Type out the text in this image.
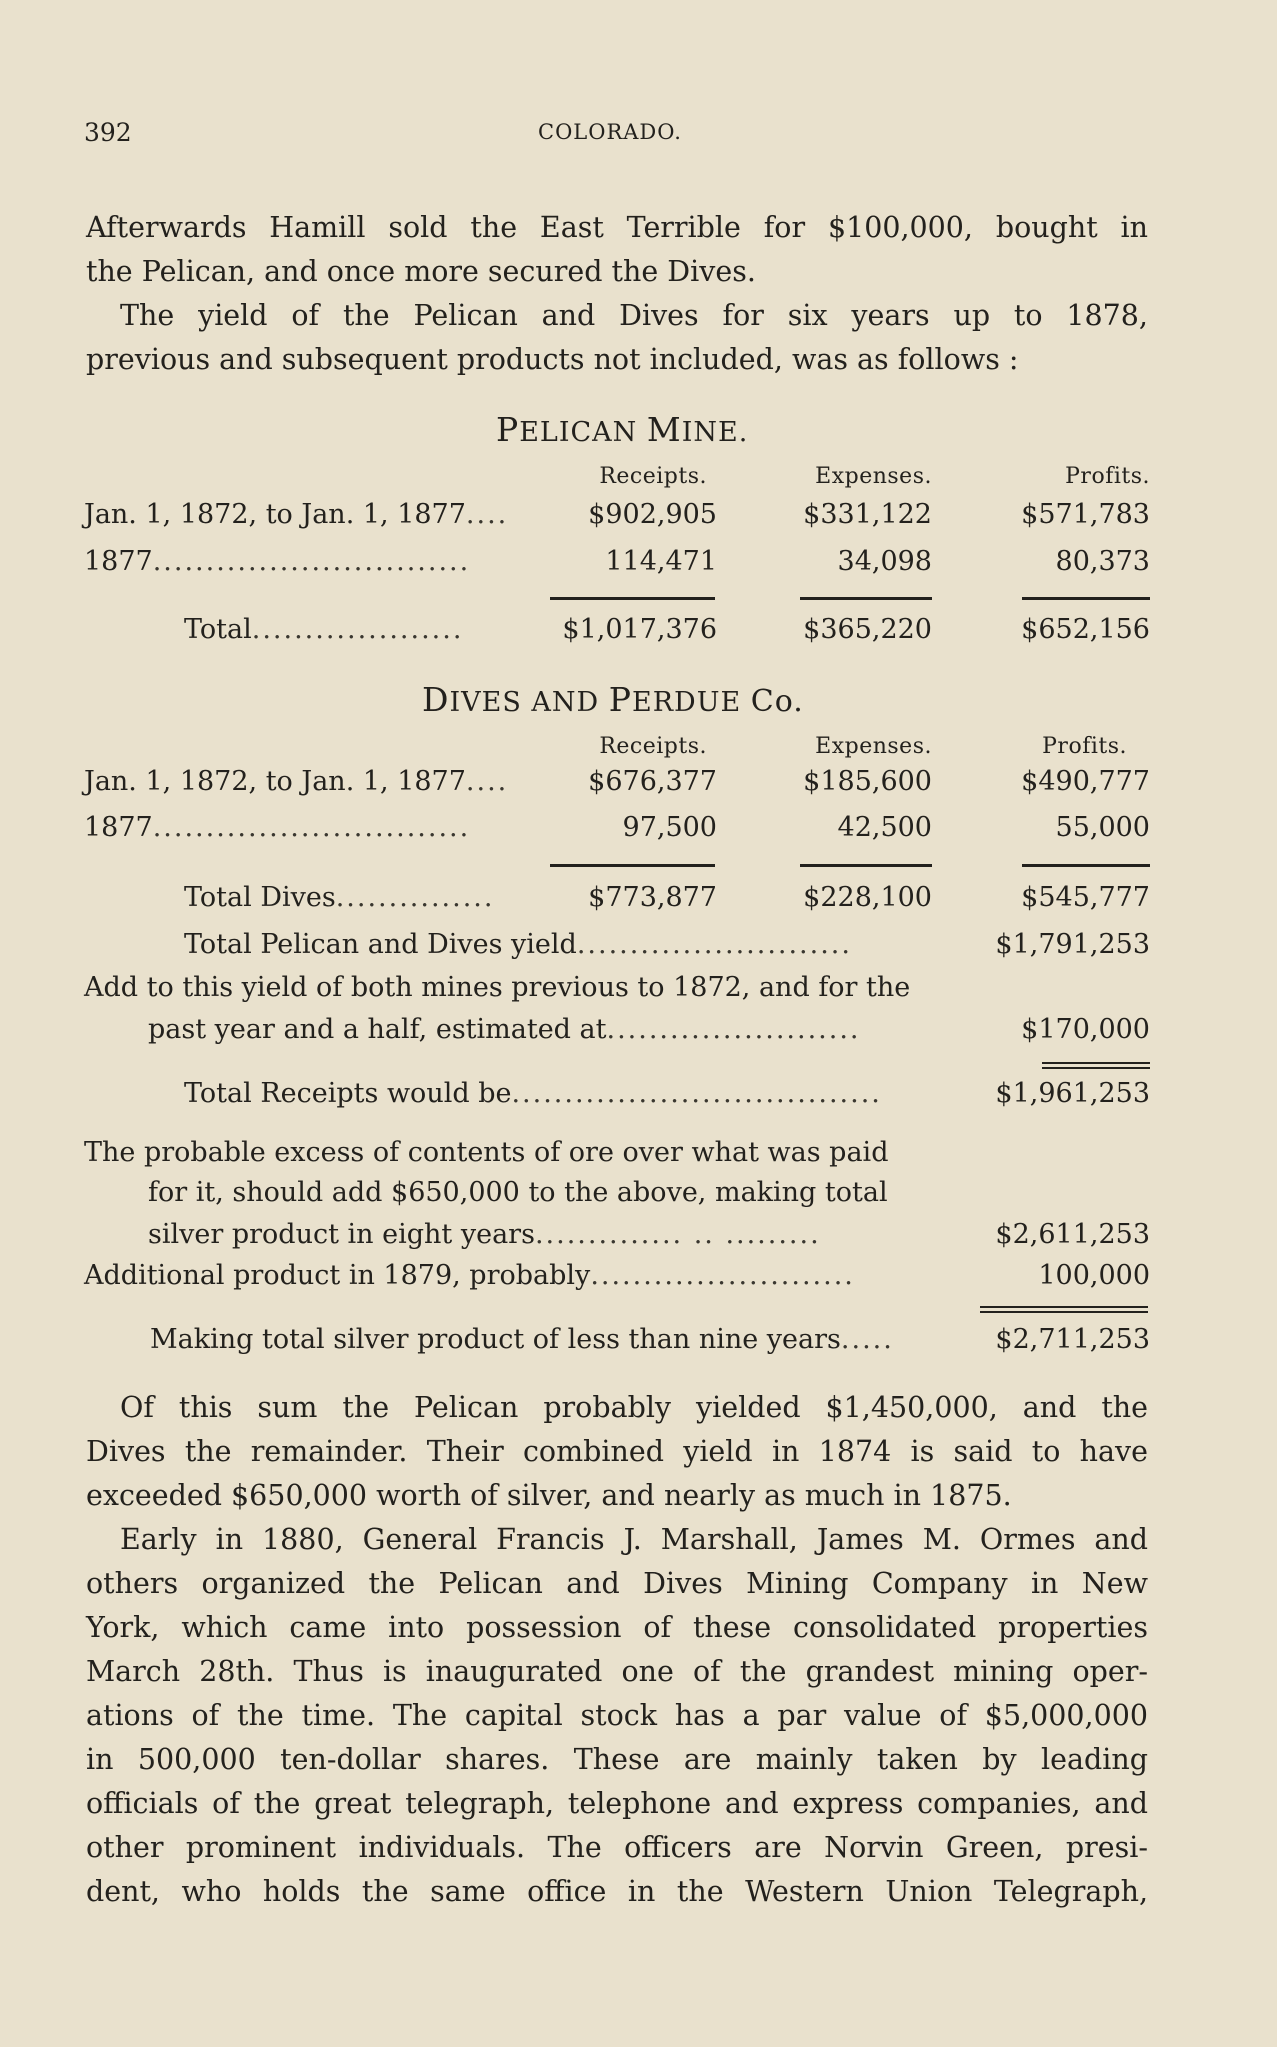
392	COLORADO.
Afterwards Hamill sold the East Terrible for $100,000, bought in
the Pelican, and once more secured the Dives.
The yield of the Pelican and Dives for six years up to 1878,
previous and subsequent products not included, was as follows :
PELICAN MINE.
Receipts.	Expenses.	Profits.
Jan. 1, 1872, to Jan. 1, 1877....	$902,905	$331,122	$571,783
1877..............................	114,471	34,098	80,373
Total....................	$1,017,376	$365,220	$652,156
DIVES AND PERDUE Co.
Receipts.	Expenses.	Profits.
Jan. 1, 1872, to Jan. 1, 1877....	$676,377	$185,600	$490,777
1877..............................	97,500	42,500	55,000
Total Dives...............	$773,877	$228,100	$545,777
Total Pelican and Dives yield..........................	$1,791,253
Add to this yield of both mines previous to 1872, and for the
past year and a half, estimated at........................	$170,000
Total Receipts would be...................................	$1,961,253
The probable excess of contents of ore over what was paid
for it, should add $650,000 to the above, making total
silver product in eight years.............. .. .........	$2,611,253
Additional product in 1879, probably.........................	100,000
Making total silver product of less than nine years.....	$2,711,253
Of this sum the Pelican probably yielded $1,450,000, and the
Dives the remainder. Their combined yield in 1874 is said to have
exceeded $650,000 worth of silver, and nearly as much in 1875.
Early in 1880, General Francis J. Marshall, James M. Ormes and
others organized the Pelican and Dives Mining Company in New
York, which came into possession of these consolidated properties
March 28th. Thus is inaugurated one of the grandest mining oper-
ations of the time. The capital stock has a par value of $5,000,000
in 500,000 ten-dollar shares. These are mainly taken by leading
officials of the great telegraph, telephone and express companies, and
other prominent individuals. The officers are Norvin Green, presi-
dent, who holds the same office in the Western Union Telegraph,
